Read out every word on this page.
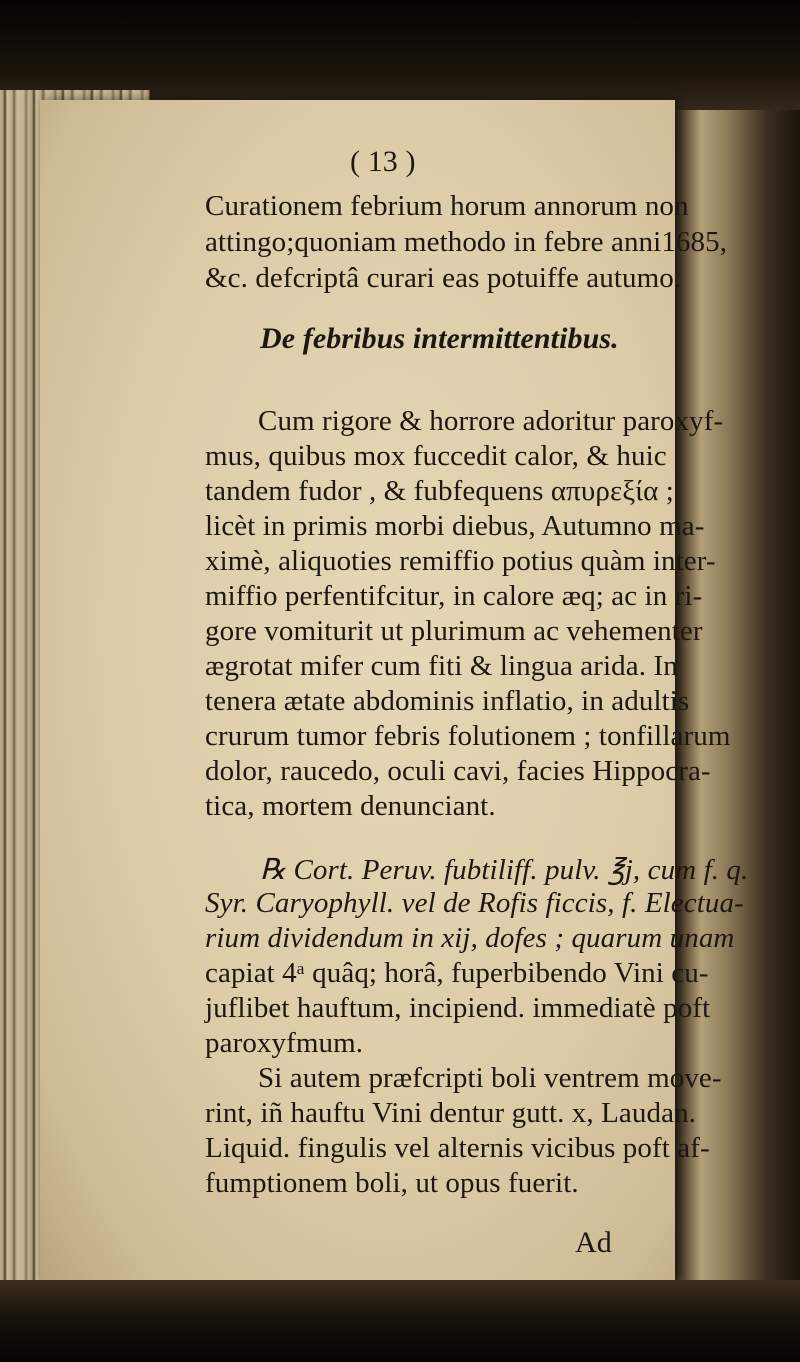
( 13 )
Curationem febrium horum annorum non
attingo;quoniam methodo in febre anni1685,
&c. defcriptâ curari eas potuiffe autumo.
De febribus intermittentibus.
Cum rigore & horrore adoritur paroxyf-
mus, quibus mox fuccedit calor, & huic
tandem fudor , & fubfequens απυρεξία ;
licèt in primis morbi diebus, Autumno ma-
ximè, aliquoties remiffio potius quàm inter-
miffio perfentifcitur, in calore æq; ac in ri-
gore vomiturit ut plurimum ac vehementer
ægrotat mifer cum fiti & lingua arida. In
tenera ætate abdominis inflatio, in adultis
crurum tumor febris folutionem ; tonfillarum
dolor, raucedo, oculi cavi, facies Hippocra-
tica, mortem denunciant.
℞ Cort. Peruv. fubtiliff. pulv. ℥j, cum f. q.
Syr. Caryophyll. vel de Rofis ficcis, f. Electua-
rium dividendum in xij, dofes ; quarum unam
capiat 4ᵃ quâq; horâ, fuperbibendo Vini cu-
juflibet hauftum, incipiend. immediatè poft
paroxyfmum.
Si autem præfcripti boli ventrem move-
rint, iñ hauftu Vini dentur gutt. x, Laudan.
Liquid. fingulis vel alternis vicibus poft af-
fumptionem boli, ut opus fuerit.
Ad
